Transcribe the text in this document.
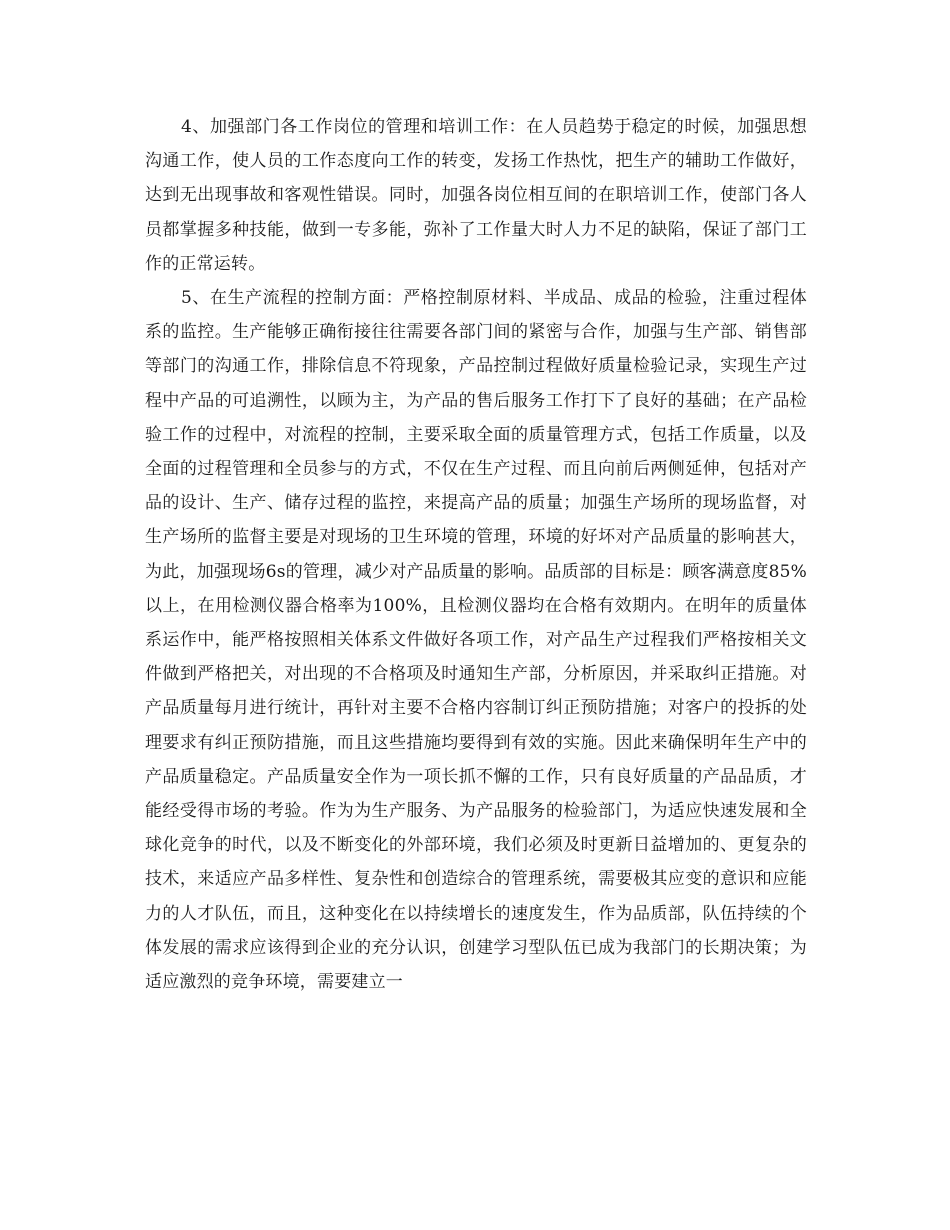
4、加强部门各工作岗位的管理和培训工作：在人员趋势于稳定的时候，加强思想沟通工作，使人员的工作态度向工作的转变，发扬工作热忱，把生产的辅助工作做好，达到无出现事故和客观性错误。同时，加强各岗位相互间的在职培训工作，使部门各人员都掌握多种技能，做到一专多能，弥补了工作量大时人力不足的缺陷，保证了部门工作的正常运转。

5、在生产流程的控制方面：严格控制原材料、半成品、成品的检验，注重过程体系的监控。生产能够正确衔接往往需要各部门间的紧密与合作，加强与生产部、销售部等部门的沟通工作，排除信息不符现象，产品控制过程做好质量检验记录，实现生产过程中产品的可追溯性，以顾为主，为产品的售后服务工作打下了良好的基础；在产品检验工作的过程中，对流程的控制，主要采取全面的质量管理方式，包括工作质量，以及全面的过程管理和全员参与的方式，不仅在生产过程、而且向前后两侧延伸，包括对产品的设计、生产、储存过程的监控，来提高产品的质量；加强生产场所的现场监督，对生产场所的监督主要是对现场的卫生环境的管理，环境的好坏对产品质量的影响甚大，为此，加强现场6s的管理，减少对产品质量的影响。品质部的目标是：顾客满意度85%以上，在用检测仪器合格率为100%，且检测仪器均在合格有效期内。在明年的质量体系运作中，能严格按照相关体系文件做好各项工作，对产品生产过程我们严格按相关文件做到严格把关，对出现的不合格项及时通知生产部，分析原因，并采取纠正措施。对产品质量每月进行统计，再针对主要不合格内容制订纠正预防措施；对客户的投拆的处理要求有纠正预防措施，而且这些措施均要得到有效的实施。因此来确保明年生产中的产品质量稳定。产品质量安全作为一项长抓不懈的工作，只有良好质量的产品品质，才能经受得市场的考验。作为为生产服务、为产品服务的检验部门，为适应快速发展和全球化竞争的时代，以及不断变化的外部环境，我们必须及时更新日益增加的、更复杂的技术，来适应产品多样性、复杂性和创造综合的管理系统，需要极其应变的意识和应能力的人才队伍，而且，这种变化在以持续增长的速度发生，作为品质部，队伍持续的个体发展的需求应该得到企业的充分认识，创建学习型队伍已成为我部门的长期决策；为适应激烈的竞争环境，需要建立一
